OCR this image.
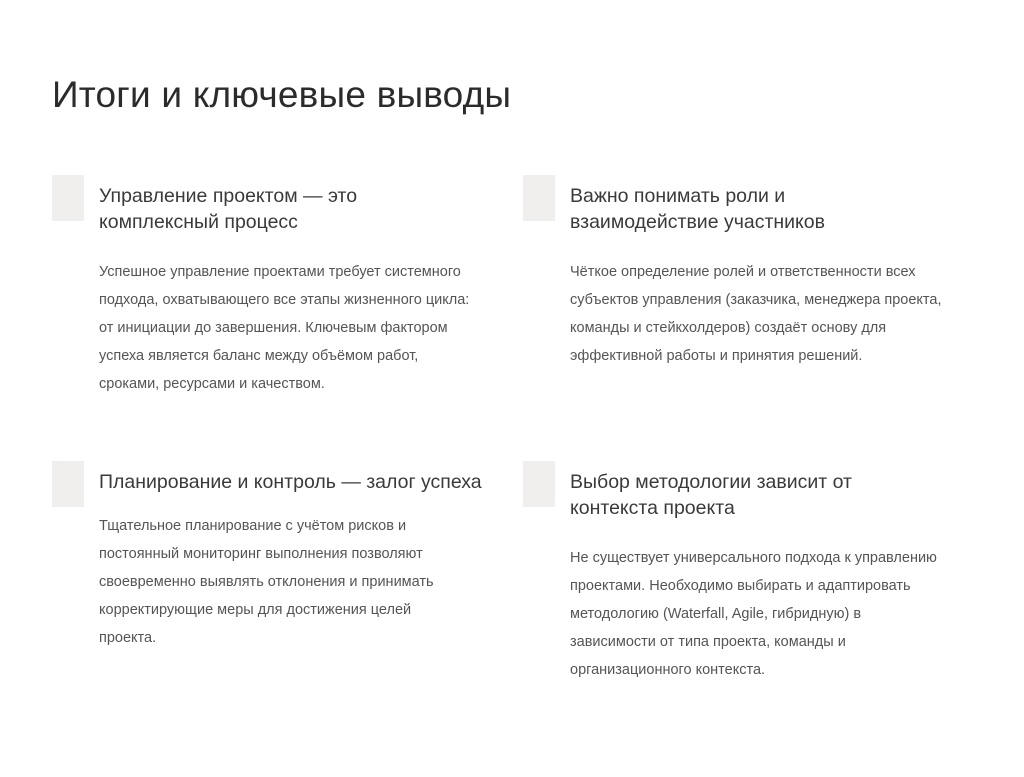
Итоги и ключевые выводы
Управление проектом — это
комплексный процесс

Успешное управление проектами требует системного
подхода, охватывающего все этапы жизненного цикла:
от инициации до завершения. Ключевым фактором
успеха является баланс между объёмом работ,
сроками, ресурсами и качеством.

Важно понимать роли и
взаимодействие участников

Чёткое определение ролей и ответственности всех
субъектов управления (заказчика, менеджера проекта,
команды и стейкхолдеров) создаёт основу для
эффективной работы и принятия решений.

Планирование и контроль — залог успеха

Тщательное планирование с учётом рисков и
постоянный мониторинг выполнения позволяют
своевременно выявлять отклонения и принимать
корректирующие меры для достижения целей
проекта.

Выбор методологии зависит от
контекста проекта

Не существует универсального подхода к управлению
проектами. Необходимо выбирать и адаптировать
методологию (Waterfall, Agile, гибридную) в
зависимости от типа проекта, команды и
организационного контекста.
